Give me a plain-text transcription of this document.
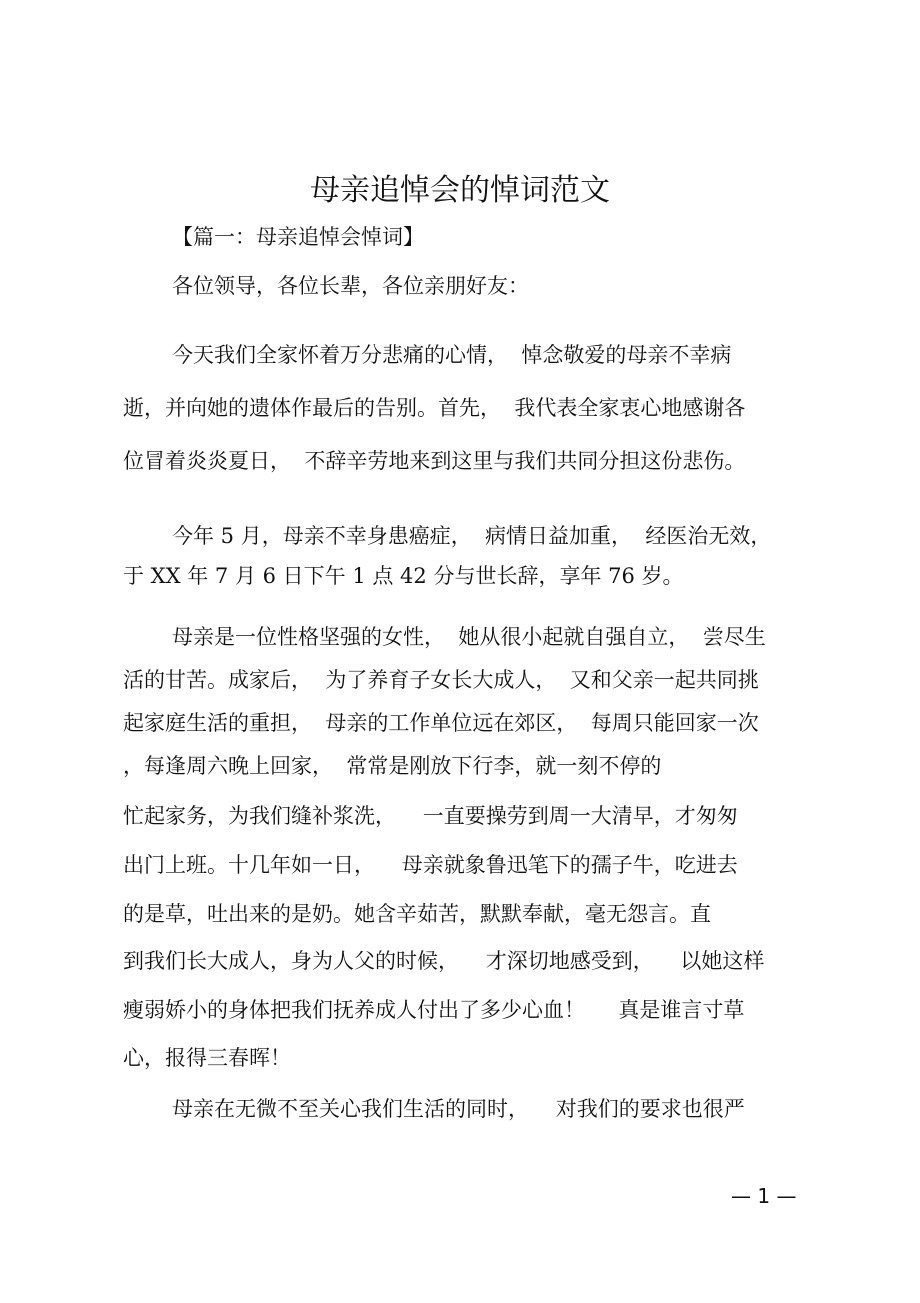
母亲追悼会的悼词范文

【篇一：母亲追悼会悼词】

各位领导，各位长辈，各位亲朋好友：

今天我们全家怀着万分悲痛的心情，  悼念敬爱的母亲不幸病

逝，并向她的遗体作最后的告别。首先，  我代表全家衷心地感谢各

位冒着炎炎夏日，  不辞辛劳地来到这里与我们共同分担这份悲伤。

今年 5 月，母亲不幸身患癌症，  病情日益加重，  经医治无效，

于 XX 年 7 月 6 日下午 1 点 42 分与世长辞，享年 76 岁。

母亲是一位性格坚强的女性，  她从很小起就自强自立，  尝尽生

活的甘苦。成家后，  为了养育子女长大成人，  又和父亲一起共同挑

起家庭生活的重担，  母亲的工作单位远在郊区，  每周只能回家一次

，每逢周六晚上回家，  常常是刚放下行李，就一刻不停的

忙起家务，为我们缝补浆洗，    一直要操劳到周一大清早，才匆匆

出门上班。十几年如一日，    母亲就象鲁迅笔下的孺子牛，吃进去

的是草，吐出来的是奶。她含辛茹苦，默默奉献，毫无怨言。直

到我们长大成人，身为人父的时候，    才深切地感受到，    以她这样

瘦弱娇小的身体把我们抚养成人付出了多少心血！     真是谁言寸草

心，报得三春晖！

母亲在无微不至关心我们生活的同时，    对我们的要求也很严

— 1 —
